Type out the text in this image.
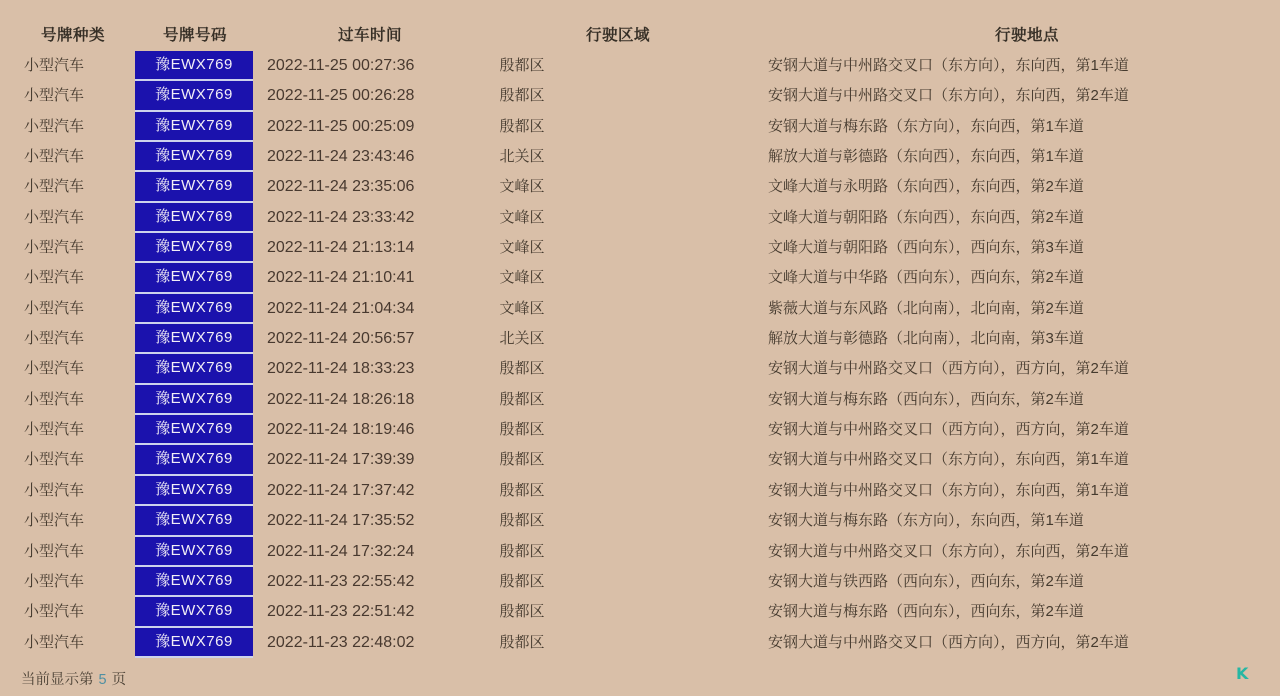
号牌种类	号牌号码	过车时间	行驶区域	行驶地点
小型汽车	豫EWX769	2022-11-25 00:27:36	殷都区	安钢大道与中州路交叉口（东方向），东向西，第1车道
小型汽车	豫EWX769	2022-11-25 00:26:28	殷都区	安钢大道与中州路交叉口（东方向），东向西，第2车道
小型汽车	豫EWX769	2022-11-25 00:25:09	殷都区	安钢大道与梅东路（东方向），东向西，第1车道
小型汽车	豫EWX769	2022-11-24 23:43:46	北关区	解放大道与彰德路（东向西），东向西，第1车道
小型汽车	豫EWX769	2022-11-24 23:35:06	文峰区	文峰大道与永明路（东向西），东向西，第2车道
小型汽车	豫EWX769	2022-11-24 23:33:42	文峰区	文峰大道与朝阳路（东向西），东向西，第2车道
小型汽车	豫EWX769	2022-11-24 21:13:14	文峰区	文峰大道与朝阳路（西向东），西向东，第3车道
小型汽车	豫EWX769	2022-11-24 21:10:41	文峰区	文峰大道与中华路（西向东），西向东，第2车道
小型汽车	豫EWX769	2022-11-24 21:04:34	文峰区	紫薇大道与东风路（北向南），北向南，第2车道
小型汽车	豫EWX769	2022-11-24 20:56:57	北关区	解放大道与彰德路（北向南），北向南，第3车道
小型汽车	豫EWX769	2022-11-24 18:33:23	殷都区	安钢大道与中州路交叉口（西方向），西方向，第2车道
小型汽车	豫EWX769	2022-11-24 18:26:18	殷都区	安钢大道与梅东路（西向东），西向东，第2车道
小型汽车	豫EWX769	2022-11-24 18:19:46	殷都区	安钢大道与中州路交叉口（西方向），西方向，第2车道
小型汽车	豫EWX769	2022-11-24 17:39:39	殷都区	安钢大道与中州路交叉口（东方向），东向西，第1车道
小型汽车	豫EWX769	2022-11-24 17:37:42	殷都区	安钢大道与中州路交叉口（东方向），东向西，第1车道
小型汽车	豫EWX769	2022-11-24 17:35:52	殷都区	安钢大道与梅东路（东方向），东向西，第1车道
小型汽车	豫EWX769	2022-11-24 17:32:24	殷都区	安钢大道与中州路交叉口（东方向），东向西，第2车道
小型汽车	豫EWX769	2022-11-23 22:55:42	殷都区	安钢大道与铁西路（西向东），西向东，第2车道
小型汽车	豫EWX769	2022-11-23 22:51:42	殷都区	安钢大道与梅东路（西向东），西向东，第2车道
小型汽车	豫EWX769	2022-11-23 22:48:02	殷都区	安钢大道与中州路交叉口（西方向），西方向，第2车道
当前显示第 5 页	K
